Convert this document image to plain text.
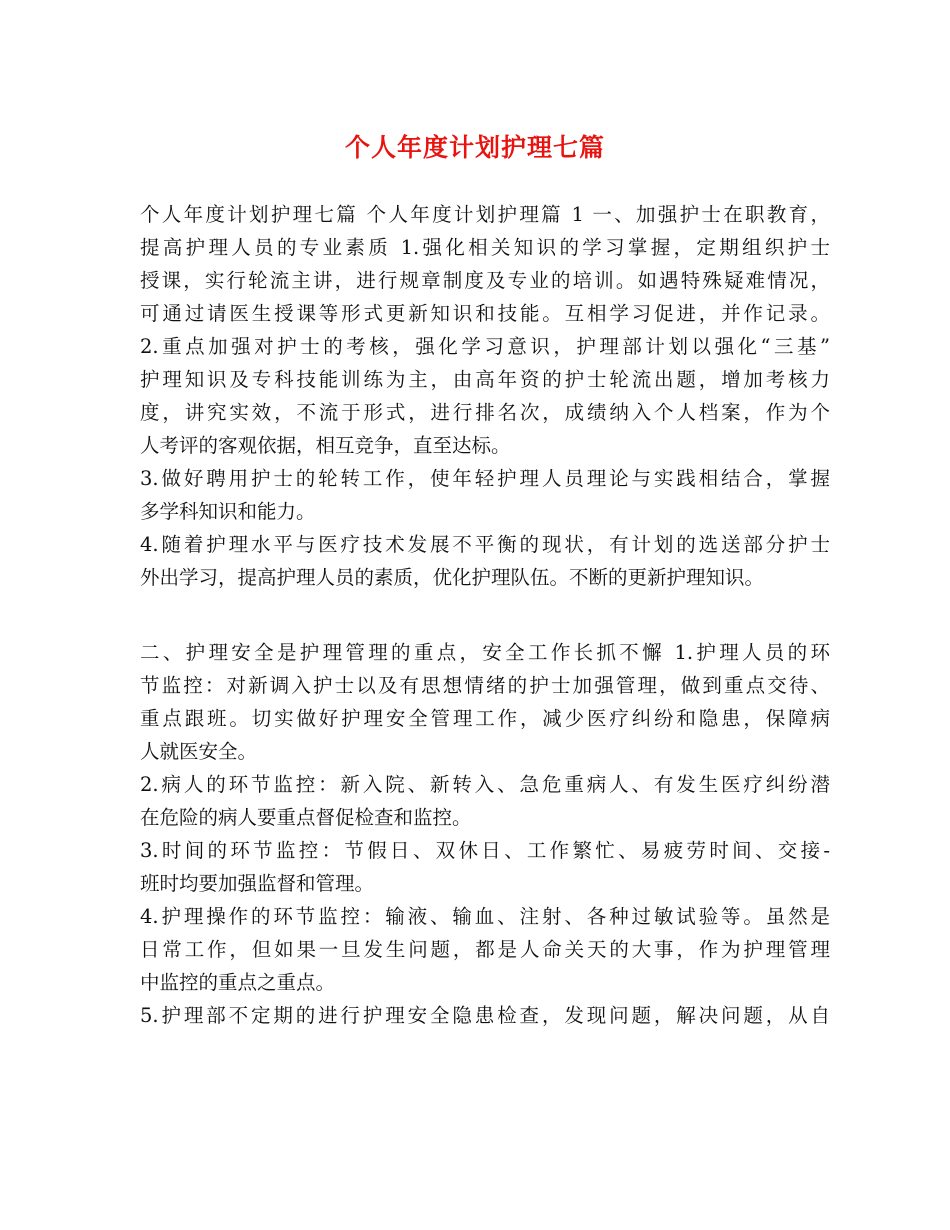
个人年度计划护理七篇
个人年度计划护理七篇 个人年度计划护理篇 1 一、加强护士在职教育，
提高护理人员的专业素质 1.强化相关知识的学习掌握，定期组织护士
授课，实行轮流主讲，进行规章制度及专业的培训。如遇特殊疑难情况，
可通过请医生授课等形式更新知识和技能。互相学习促进，并作记录。
2.重点加强对护士的考核，强化学习意识，护理部计划以强化“三基”
护理知识及专科技能训练为主，由高年资的护士轮流出题，增加考核力
度，讲究实效，不流于形式，进行排名次，成绩纳入个人档案，作为个
人考评的客观依据，相互竞争，直至达标。
3.做好聘用护士的轮转工作，使年轻护理人员理论与实践相结合，掌握
多学科知识和能力。
4.随着护理水平与医疗技术发展不平衡的现状，有计划的选送部分护士
外出学习，提高护理人员的素质，优化护理队伍。不断的更新护理知识。
二、护理安全是护理管理的重点，安全工作长抓不懈 1.护理人员的环
节监控：对新调入护士以及有思想情绪的护士加强管理，做到重点交待、
重点跟班。切实做好护理安全管理工作，减少医疗纠纷和隐患，保障病
人就医安全。
2.病人的环节监控：新入院、新转入、急危重病人、有发生医疗纠纷潜
在危险的病人要重点督促检查和监控。
3.时间的环节监控：节假日、双休日、工作繁忙、易疲劳时间、交接-
班时均要加强监督和管理。
4.护理操作的环节监控：输液、输血、注射、各种过敏试验等。虽然是
日常工作，但如果一旦发生问题，都是人命关天的大事，作为护理管理
中监控的重点之重点。
5.护理部不定期的进行护理安全隐患检查，发现问题，解决问题，从自
